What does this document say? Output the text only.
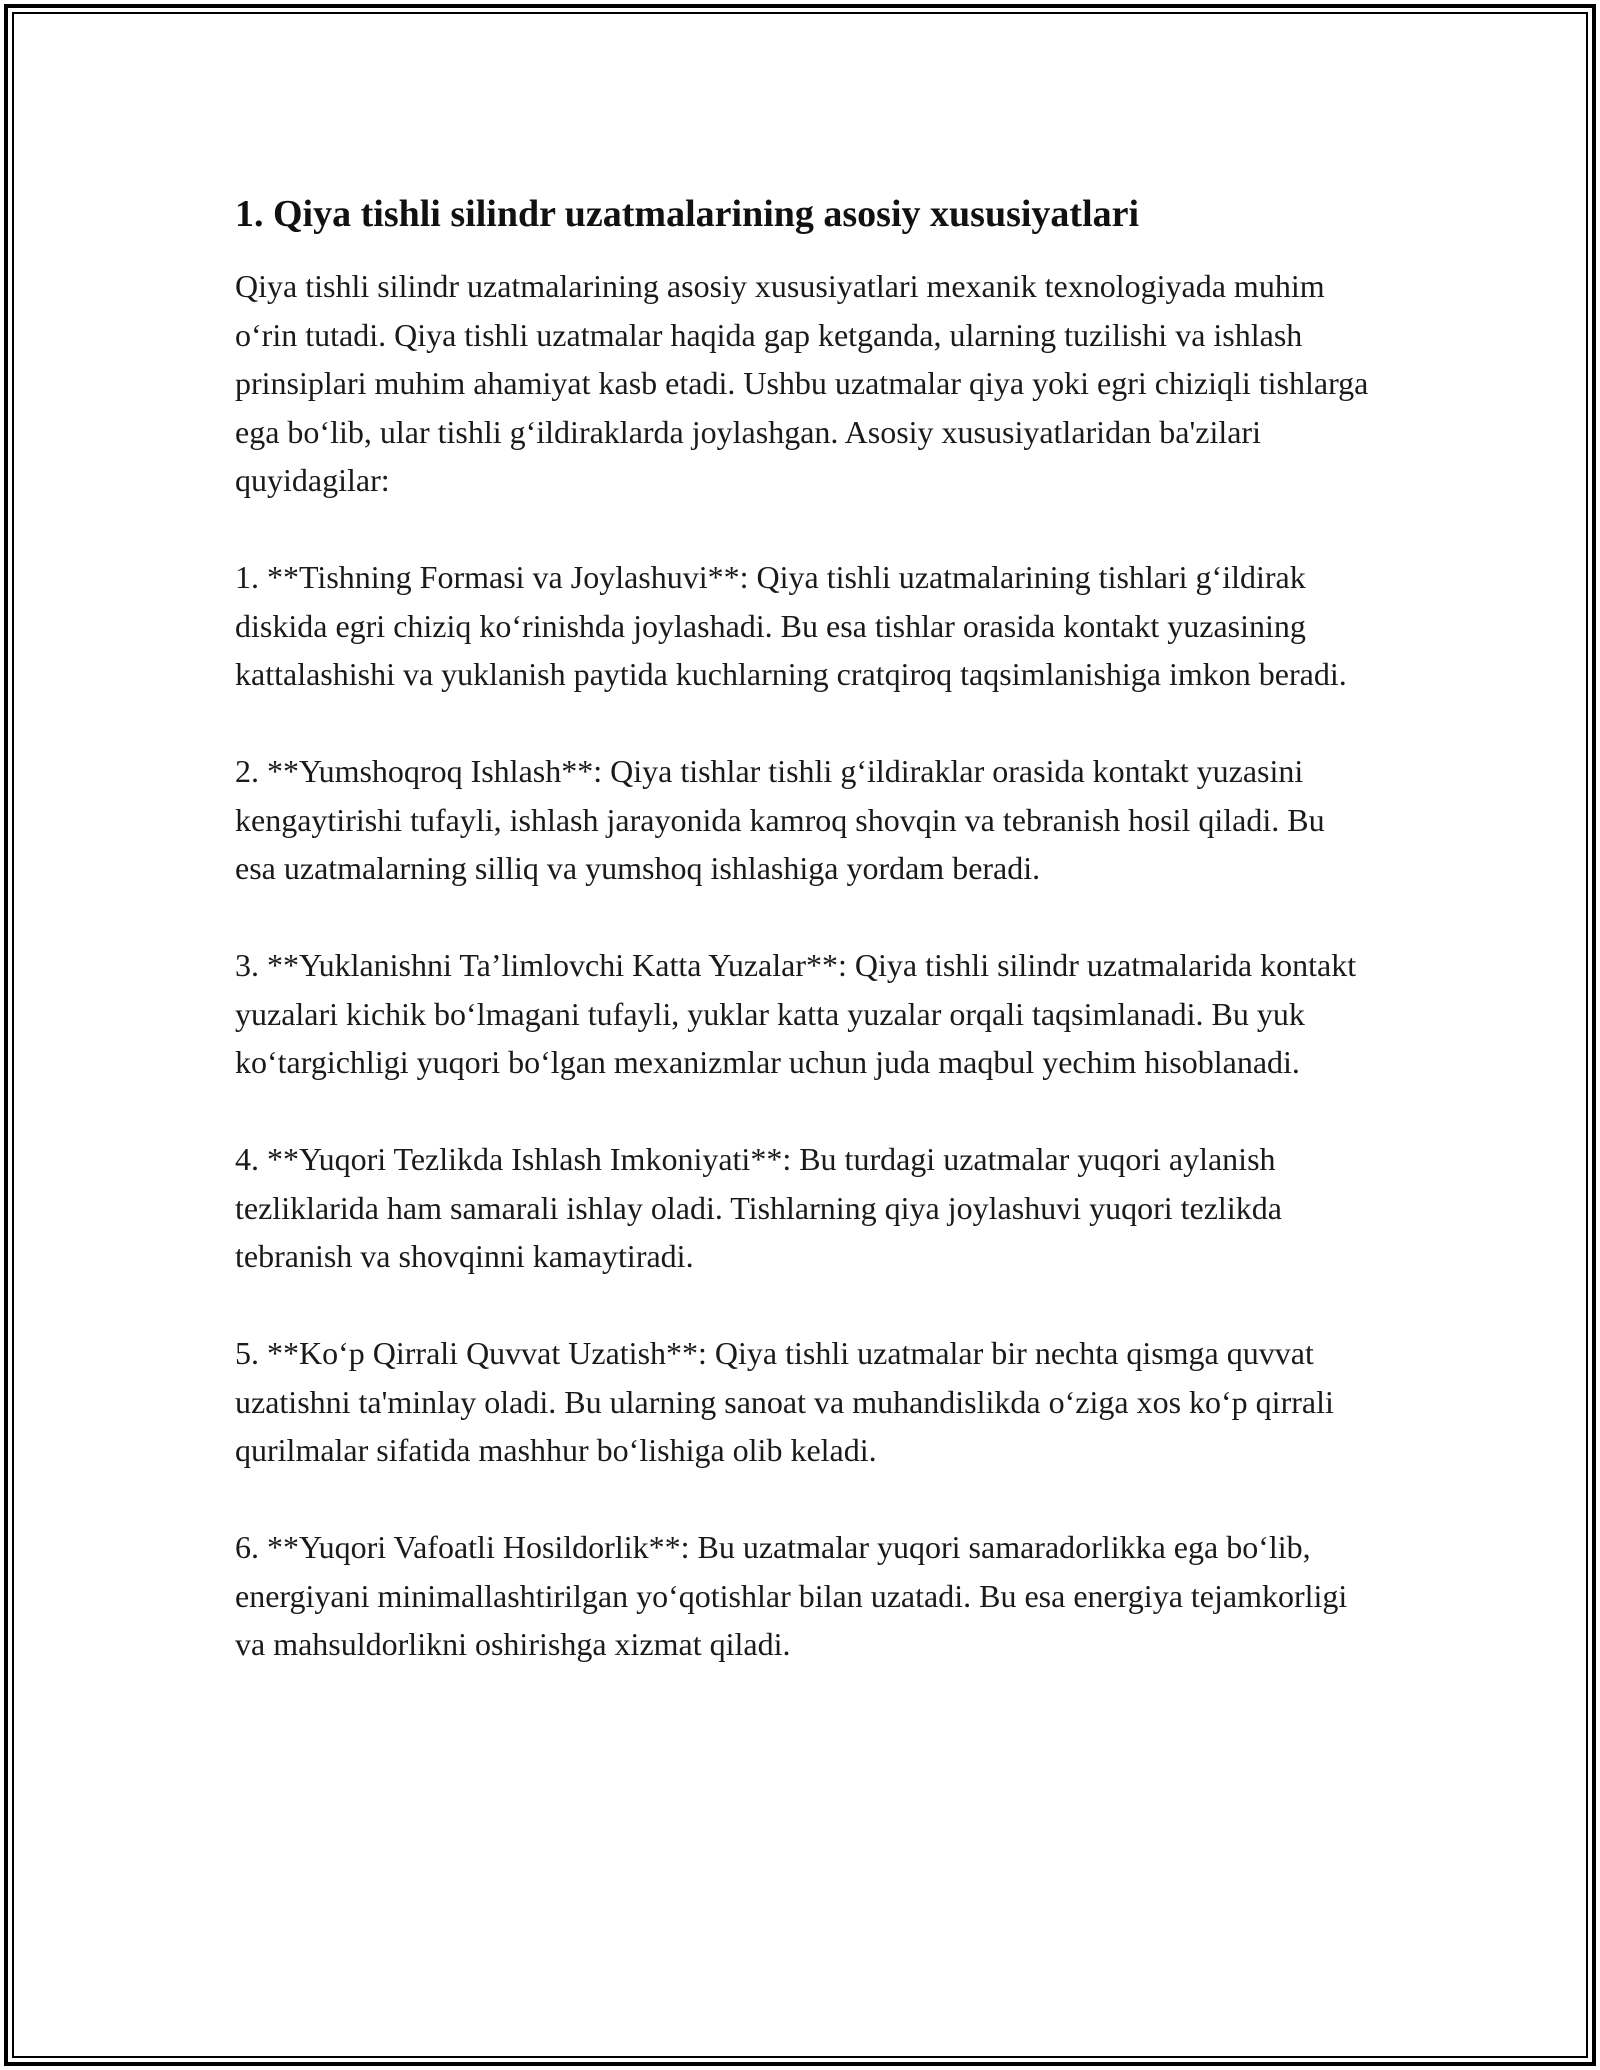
1. Qiya tishli silindr uzatmalarining asosiy xususiyatlari

Qiya tishli silindr uzatmalarining asosiy xususiyatlari mexanik texnologiyada muhim o‘rin tutadi. Qiya tishli uzatmalar haqida gap ketganda, ularning tuzilishi va ishlash prinsiplari muhim ahamiyat kasb etadi. Ushbu uzatmalar qiya yoki egri chiziqli tishlarga ega bo‘lib, ular tishli g‘ildiraklarda joylashgan. Asosiy xususiyatlaridan ba'zilari quyidagilar:

1. **Tishning Formasi va Joylashuvi**: Qiya tishli uzatmalarining tishlari g‘ildirak diskida egri chiziq ko‘rinishda joylashadi. Bu esa tishlar orasida kontakt yuzasining kattalashishi va yuklanish paytida kuchlarning cratqiroq taqsimlanishiga imkon beradi.

2. **Yumshoqroq Ishlash**: Qiya tishlar tishli g‘ildiraklar orasida kontakt yuzasini kengaytirishi tufayli, ishlash jarayonida kamroq shovqin va tebranish hosil qiladi. Bu esa uzatmalarning silliq va yumshoq ishlashiga yordam beradi.

3. **Yuklanishni Ta’limlovchi Katta Yuzalar**: Qiya tishli silindr uzatmalarida kontakt yuzalari kichik bo‘lmagani tufayli, yuklar katta yuzalar orqali taqsimlanadi. Bu yuk ko‘targichligi yuqori bo‘lgan mexanizmlar uchun juda maqbul yechim hisoblanadi.

4. **Yuqori Tezlikda Ishlash Imkoniyati**: Bu turdagi uzatmalar yuqori aylanish tezliklarida ham samarali ishlay oladi. Tishlarning qiya joylashuvi yuqori tezlikda tebranish va shovqinni kamaytiradi.

5. **Ko‘p Qirrali Quvvat Uzatish**: Qiya tishli uzatmalar bir nechta qismga quvvat uzatishni ta'minlay oladi. Bu ularning sanoat va muhandislikda o‘ziga xos ko‘p qirrali qurilmalar sifatida mashhur bo‘lishiga olib keladi.

6. **Yuqori Vafoatli Hosildorlik**: Bu uzatmalar yuqori samaradorlikka ega bo‘lib, energiyani minimallashtirilgan yo‘qotishlar bilan uzatadi. Bu esa energiya tejamkorligi va mahsuldorlikni oshirishga xizmat qiladi.
